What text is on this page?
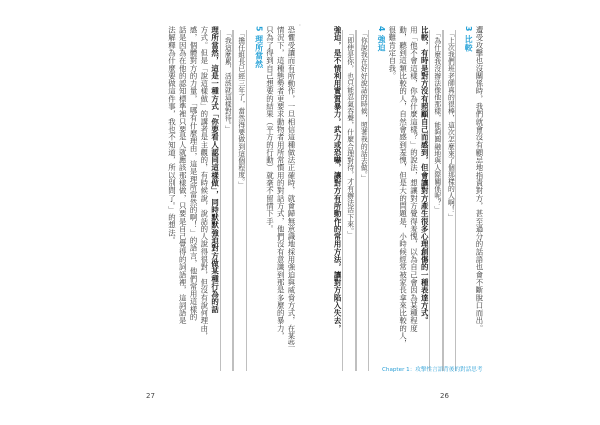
恐懼受讓而有所動作，一旦相信這種做法正確時，就會歸無意識地採用強迫與威脅方式，在某些

情況下，這種態勢者更要求動物者用所常慣用的對話方式，他們沒有意識到那是多麼的暴力，

只為了得到自己想要的結果（平方的行動）就毫不留情下手。

5 理所當然

「擔任組長已經三年了，當然得要做到這個程度。」

「我這麼累，活該就這樣對待。」

理所當然，這是一種方式「你要看人認同這樣做」，同時默默強迫對方做某種行為的話

方式。但是「說這樣做」的講者是主觀的，有時候說，說話的人說得很對，但沒有說何理由，

感，個體對方的力量，「哪有什麼理由，這是理所當然的啊！」的語言，他們常用這樣的

話是因為在他的認知標準裡只要是人就應該那樣做，只要是自己覺得的詞語裡，這詞語是

法解釋為什麼要做這件事，我也不知道，所以別問了。」的想法。

27

遭受攻擊也沒關係時，我們就會沒有顧忌地指責對方，甚至過分的話語也會不斷脫口而出。

3 比較

「上次我們班老師真的很棒，這次怎麼來了個那樣的人啊！」

「為什麼我沒辦法像他那樣，能夠圓融地與人際關係呢？」

比較，有時是對方沒有照顧自己而感到，但會讓對方產生很多心理創傷的一種表達方式。

用「他不會這樣，你為什麼這樣？」的說法，想讓對方覺得羞愧，以為自己會因為某種程度

動，聽到這類比較的人，自然會感到羞愧，但是大的問題是，小時候經常被家長拿來比較的人，

很難肯定自我。

4 強迫

「你說我在好好說話的時候，照著我的話去做。」

「即使是你，也只能忍氣吞聲，什麼合理對待，才有辦法活下來。」

強迫，是不情利用實質暴力，武力或恐嚇，讓對方有所動作的常用方法，讓對方陷入失去，

26
Chapter 1：攻擊性言語背後的對話思考
